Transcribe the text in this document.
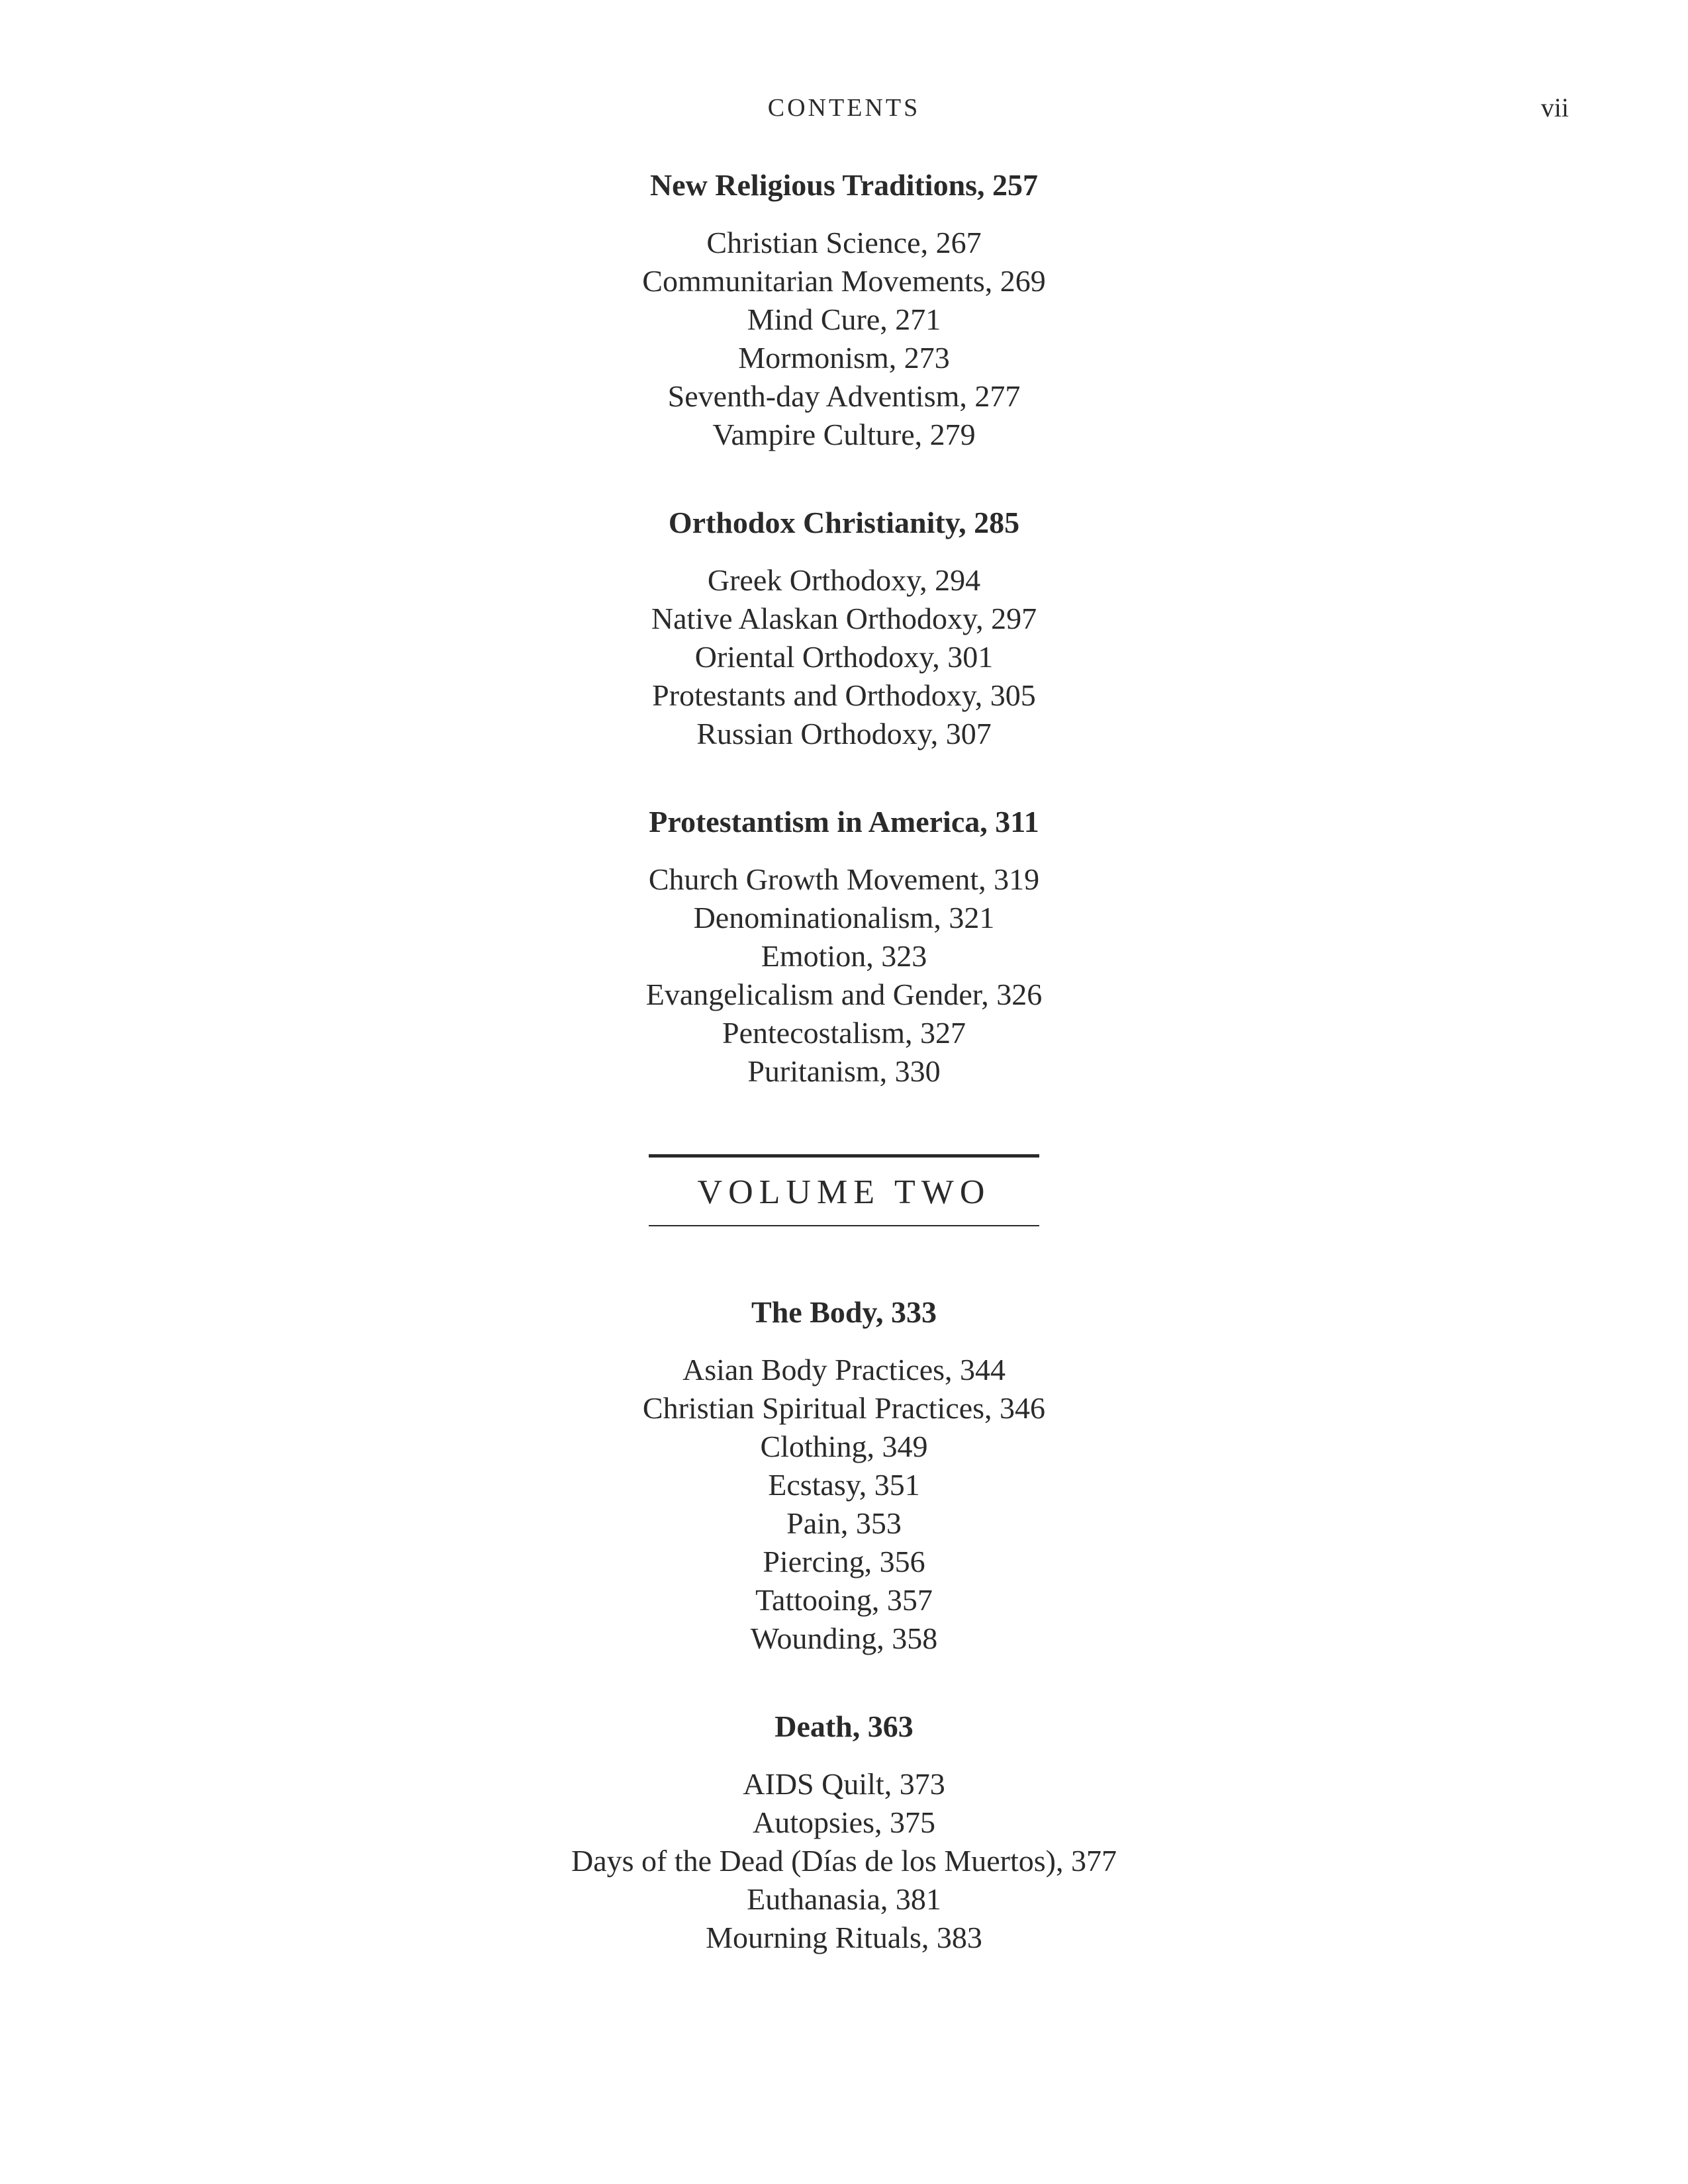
CONTENTS	vii
New Religious Traditions, 257
Christian Science, 267
Communitarian Movements, 269
Mind Cure, 271
Mormonism, 273
Seventh-day Adventism, 277
Vampire Culture, 279
Orthodox Christianity, 285
Greek Orthodoxy, 294
Native Alaskan Orthodoxy, 297
Oriental Orthodoxy, 301
Protestants and Orthodoxy, 305
Russian Orthodoxy, 307
Protestantism in America, 311
Church Growth Movement, 319
Denominationalism, 321
Emotion, 323
Evangelicalism and Gender, 326
Pentecostalism, 327
Puritanism, 330
VOLUME TWO
The Body, 333
Asian Body Practices, 344
Christian Spiritual Practices, 346
Clothing, 349
Ecstasy, 351
Pain, 353
Piercing, 356
Tattooing, 357
Wounding, 358
Death, 363
AIDS Quilt, 373
Autopsies, 375
Days of the Dead (Días de los Muertos), 377
Euthanasia, 381
Mourning Rituals, 383
